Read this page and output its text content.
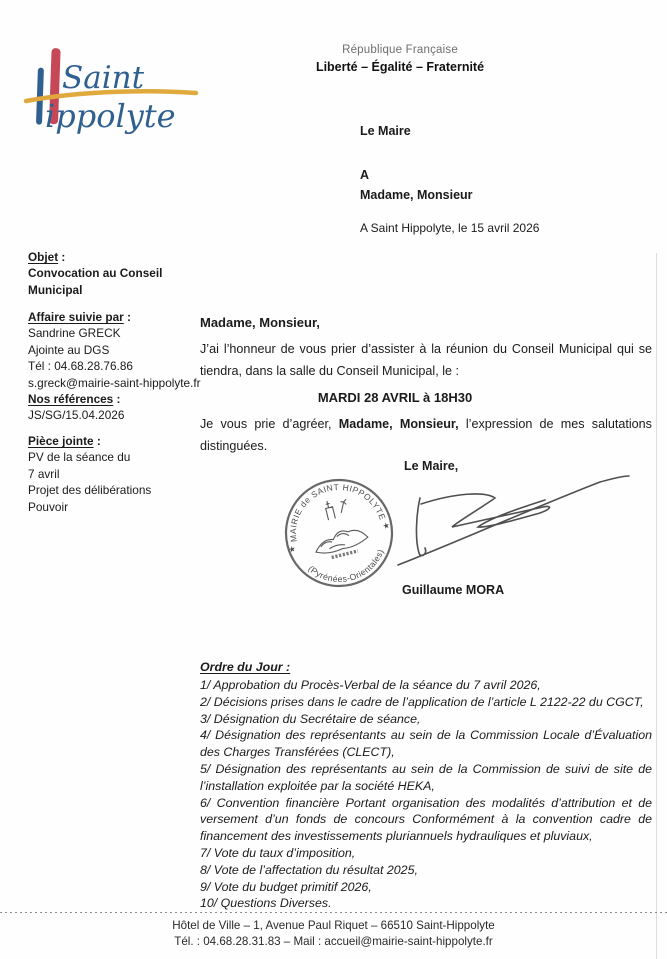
Saint
ippolyte
République Française
Liberté – Égalité – Fraternité
Le Maire
A
Madame, Monsieur
A Saint Hippolyte, le 15 avril 2026
Objet :
Convocation au Conseil
Municipal
Affaire suivie par :
Sandrine GRECK
Ajointe au DGS
Tél : 04.68.28.76.86
s.greck@mairie-saint-hippolyte.fr
Nos références :
JS/SG/15.04.2026
Pièce jointe :
PV de la séance du
7 avril
Projet des délibérations
Pouvoir
Madame, Monsieur,
J’ai l’honneur de vous prier d’assister à la réunion du Conseil Municipal qui se tiendra, dans la salle du Conseil Municipal, le :
MARDI 28 AVRIL à 18H30
Je vous prie d’agréer, Madame, Monsieur, l’expression de mes salutations distinguées.
Le Maire,
MAIRIE de SAINT HIPPOLYTE
(Pyrénées-Orientales)
★
★
Guillaume MORA
Ordre du Jour :
1/ Approbation du Procès-Verbal de la séance du 7 avril 2026,
2/ Décisions prises dans le cadre de l’application de l’article L 2122-22 du CGCT,
3/ Désignation du Secrétaire de séance,
4/ Désignation des représentants au sein de la Commission Locale d’Évaluation des Charges Transférées (CLECT),
5/ Désignation des représentants au sein de la Commission de suivi de site de l’installation exploitée par la société HEKA,
6/ Convention financière Portant organisation des modalités d’attribution et de versement d’un fonds de concours Conformément à la convention cadre de financement des investissements pluriannuels hydrauliques et pluviaux,
7/ Vote du taux d’imposition,
8/ Vote de l’affectation du résultat 2025,
9/ Vote du budget primitif 2026,
10/ Questions Diverses.
Hôtel de Ville – 1, Avenue Paul Riquet – 66510 Saint-Hippolyte
Tél. : 04.68.28.31.83 – Mail : accueil@mairie-saint-hippolyte.fr
